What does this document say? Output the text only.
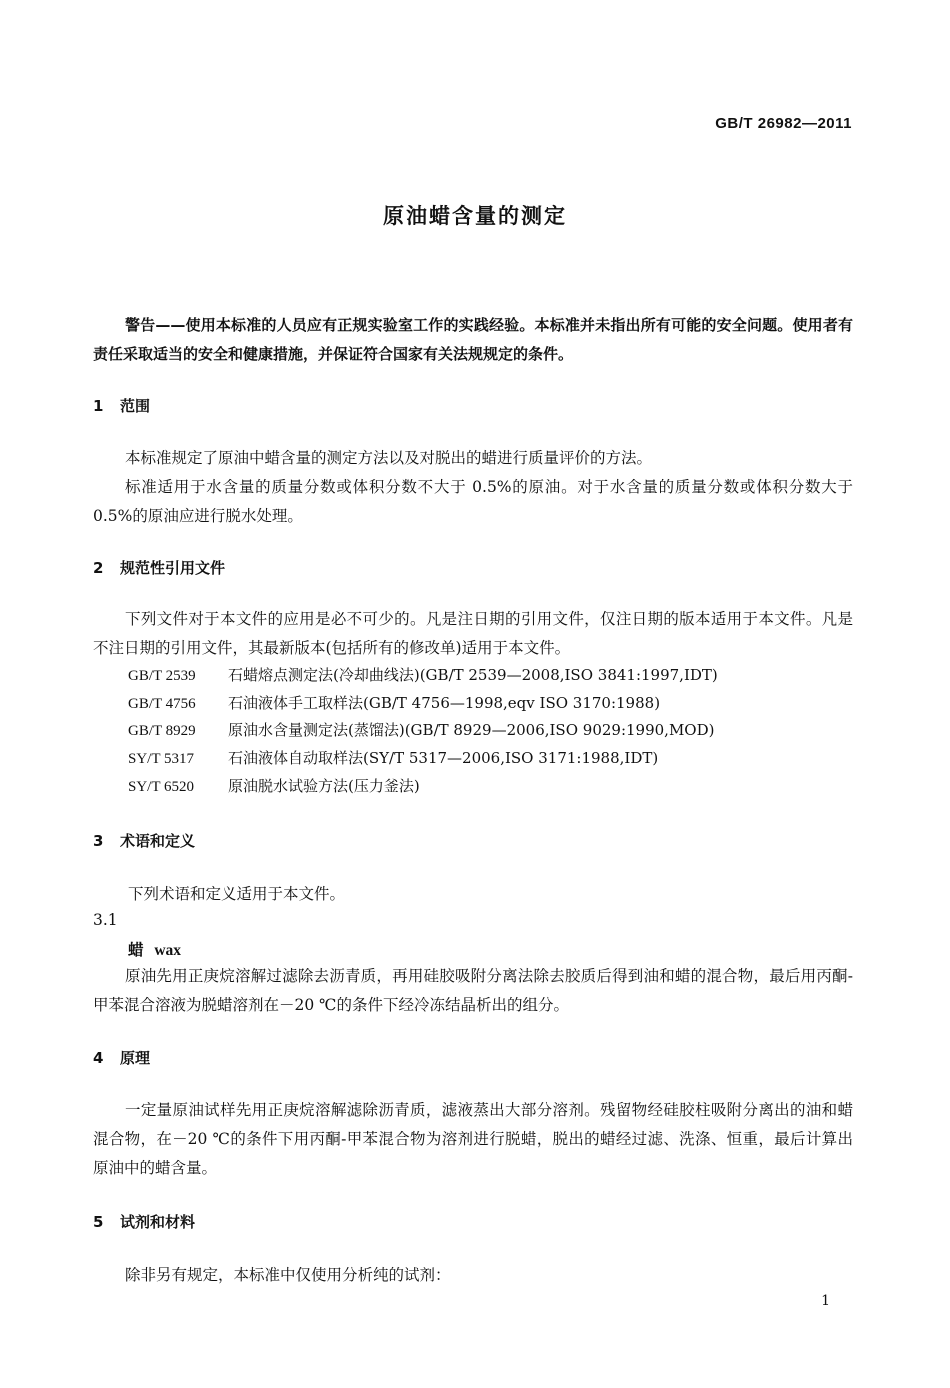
GB/T 26982—2011
原油蜡含量的测定
警告——使用本标准的人员应有正规实验室工作的实践经验。本标准并未指出所有可能的安全问题。使用者有责任采取适当的安全和健康措施，并保证符合国家有关法规规定的条件。
1 范围
本标准规定了原油中蜡含量的测定方法以及对脱出的蜡进行质量评价的方法。
标准适用于水含量的质量分数或体积分数不大于 0.5%的原油。对于水含量的质量分数或体积分数大于 0.5%的原油应进行脱水处理。
2 规范性引用文件
下列文件对于本文件的应用是必不可少的。凡是注日期的引用文件，仅注日期的版本适用于本文件。凡是不注日期的引用文件，其最新版本(包括所有的修改单)适用于本文件。
GB/T 2539 石蜡熔点测定法(冷却曲线法)(GB/T 2539—2008,ISO 3841:1997,IDT)
GB/T 4756 石油液体手工取样法(GB/T 4756—1998,eqv ISO 3170:1988)
GB/T 8929 原油水含量测定法(蒸馏法)(GB/T 8929—2006,ISO 9029:1990,MOD)
SY/T 5317 石油液体自动取样法(SY/T 5317—2006,ISO 3171:1988,IDT)
SY/T 6520 原油脱水试验方法(压力釜法)
3 术语和定义
下列术语和定义适用于本文件。
3.1
蜡 wax
原油先用正庚烷溶解过滤除去沥青质，再用硅胶吸附分离法除去胶质后得到油和蜡的混合物，最后用丙酮-甲苯混合溶液为脱蜡溶剂在－20 ℃的条件下经冷冻结晶析出的组分。
4 原理
一定量原油试样先用正庚烷溶解滤除沥青质，滤液蒸出大部分溶剂。残留物经硅胶柱吸附分离出的油和蜡混合物，在－20 ℃的条件下用丙酮-甲苯混合物为溶剂进行脱蜡，脱出的蜡经过滤、洗涤、恒重，最后计算出原油中的蜡含量。
5 试剂和材料
除非另有规定，本标准中仅使用分析纯的试剂：
1
